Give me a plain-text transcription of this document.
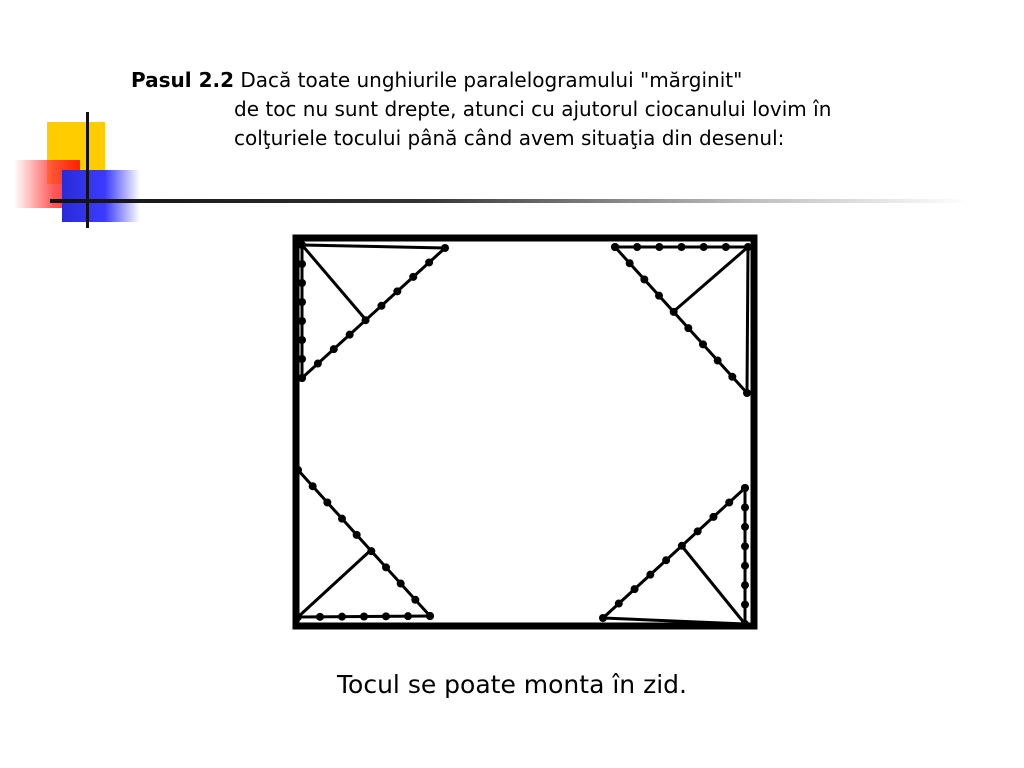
Pasul 2.2 Dacă toate unghiurile paralelogramului "mărginit"
de toc nu sunt drepte, atunci cu ajutorul ciocanului lovim în
colţuriele tocului până când avem situaţia din desenul:
Tocul se poate monta în zid.
